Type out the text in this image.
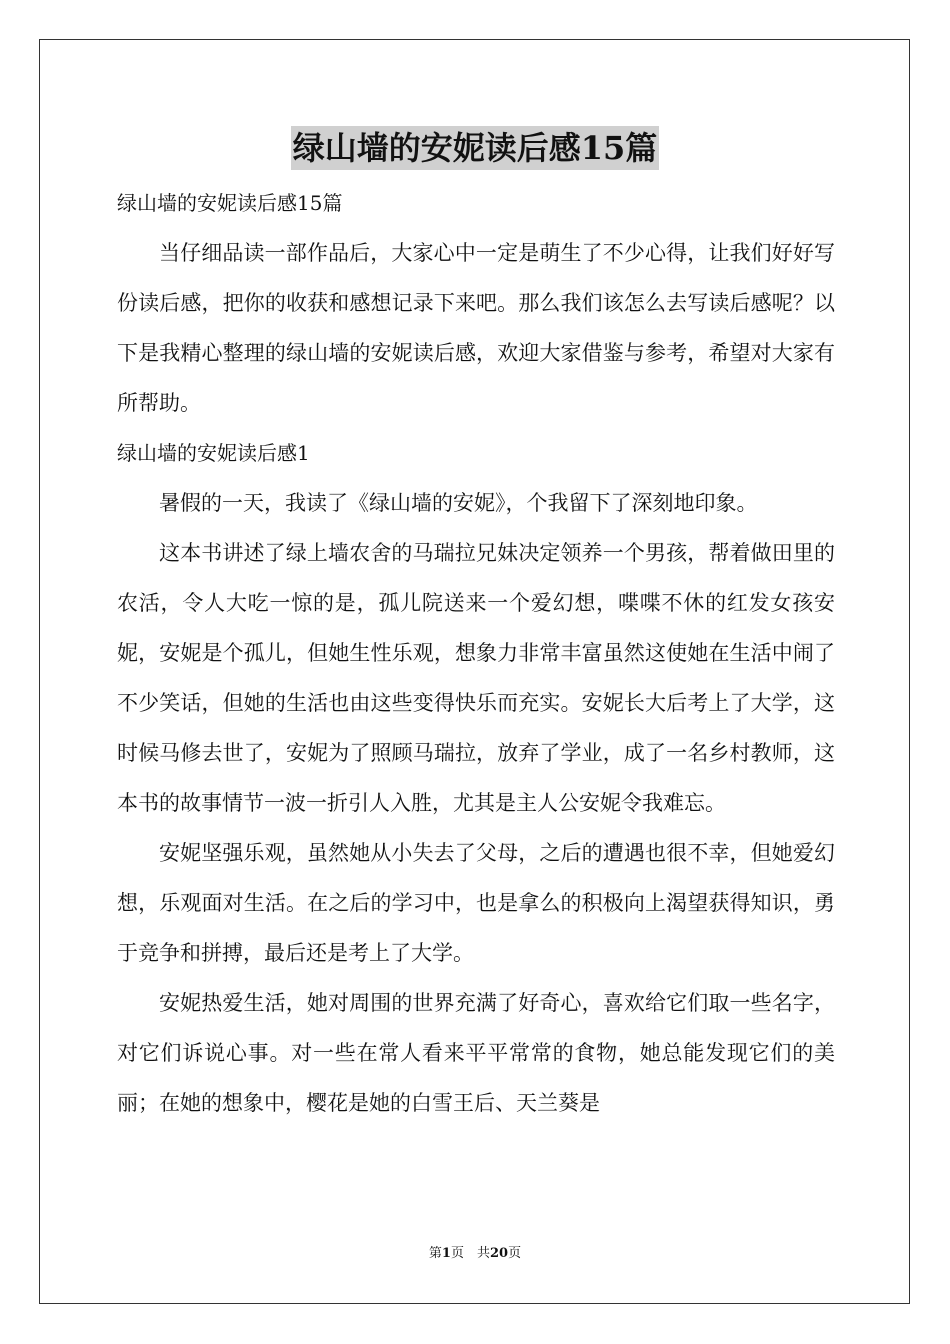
绿山墙的安妮读后感15篇

绿山墙的安妮读后感15篇

当仔细品读一部作品后，大家心中一定是萌生了不少心得，让我们好好写份读后感，把你的收获和感想记录下来吧。那么我们该怎么去写读后感呢？以下是我精心整理的绿山墙的安妮读后感，欢迎大家借鉴与参考，希望对大家有所帮助。

绿山墙的安妮读后感1

暑假的一天，我读了《绿山墙的安妮》，个我留下了深刻地印象。

这本书讲述了绿上墙农舍的马瑞拉兄妹决定领养一个男孩，帮着做田里的农活，令人大吃一惊的是，孤儿院送来一个爱幻想，喋喋不休的红发女孩安妮，安妮是个孤儿，但她生性乐观，想象力非常丰富虽然这使她在生活中闹了不少笑话，但她的生活也由这些变得快乐而充实。安妮长大后考上了大学，这时候马修去世了，安妮为了照顾马瑞拉，放弃了学业，成了一名乡村教师，这本书的故事情节一波一折引人入胜，尤其是主人公安妮令我难忘。

安妮坚强乐观，虽然她从小失去了父母，之后的遭遇也很不幸，但她爱幻想，乐观面对生活。在之后的学习中，也是拿么的积极向上渴望获得知识，勇于竞争和拼搏，最后还是考上了大学。

安妮热爱生活，她对周围的世界充满了好奇心，喜欢给它们取一些名字，对它们诉说心事。对一些在常人看来平平常常的食物，她总能发现它们的美丽；在她的想象中，樱花是她的白雪王后、天兰葵是

第1页　共20页
